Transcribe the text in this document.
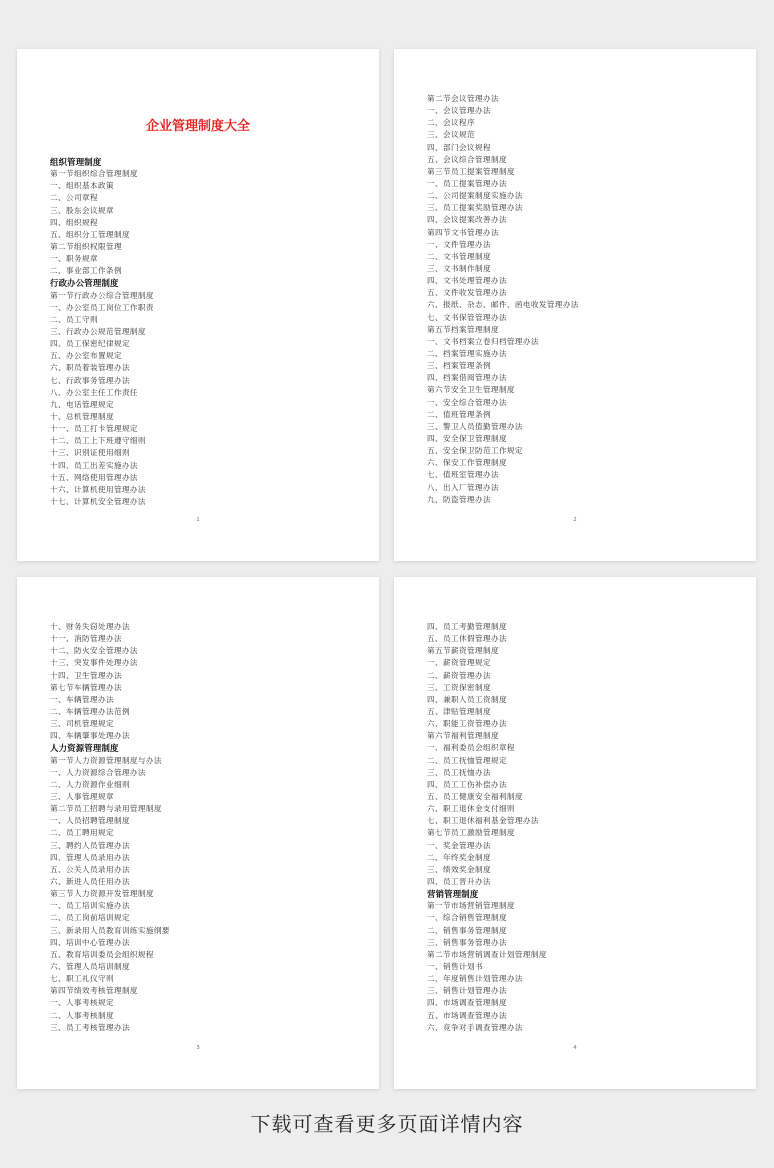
企业管理制度大全
组织管理制度
第一节组织综合管理制度
一、组织基本政策
二、公司章程
三、股东会议规章
四、组织规程
五、组织分工管理制度
第二节组织权限管理
一、职务规章
二、事业部工作条例
行政办公管理制度
第一节行政办公综合管理制度
一、办公室员工岗位工作职责
二、员工守则
三、行政办公规范管理制度
四、员工保密纪律规定
五、办公室布置规定
六、职员着装管理办法
七、行政事务管理办法
八、办公室主任工作责任
九、电话管理规定
十、总机管理制度
十一、员工打卡管理规定
十二、员工上下班遵守细则
十三、识别证使用细则
十四、员工出差实施办法
十五、网络使用管理办法
十六、计算机使用管理办法
十七、计算机安全管理办法
1
第二节会议管理办法
一、会议管理办法
二、会议程序
三、会议规范
四、部门会议规程
五、会议综合管理制度
第三节员工提案管理制度
一、员工提案管理办法
二、公司提案制度实施办法
三、员工提案奖励管理办法
四、会议提案改善办法
第四节文书管理办法
一、文件管理办法
二、文书管理制度
三、文书制作制度
四、文书处理管理办法
五、文件收发管理办法
六、报纸、杂志、邮件、函电收发管理办法
七、文书保管管理办法
第五节档案管理制度
一、文书档案立卷归档管理办法
二、档案管理实施办法
三、档案管理条例
四、档案借阅管理办法
第六节安全卫生管理制度
一、安全综合管理办法
二、值班管理条例
三、警卫人员值勤管理办法
四、安全保卫管理制度
五、安全保卫防范工作规定
六、保安工作管理制度
七、值班室管理办法
八、出入厂管理办法
九、防盗管理办法
2
十、财务失窃处理办法
十一、消防管理办法
十二、防火安全管理办法
十三、突发事件处理办法
十四、卫生管理办法
第七节车辆管理办法
一、车辆管理办法
二、车辆管理办法范例
三、司机管理规定
四、车辆肇事处理办法
人力资源管理制度
第一节人力资源管理制度与办法
一、人力资源综合管理办法
二、人力资源作业细则
三、人事管理规章
第二节员工招聘与录用管理制度
一、人员招聘管理制度
二、员工聘用规定
三、聘约人员管理办法
四、管理人员录用办法
五、公关人员录用办法
六、新进人员任用办法
第三节人力资源开发管理制度
一、员工培训实施办法
二、员工岗前培训规定
三、新录用人员教育训练实施纲要
四、培训中心管理办法
五、教育培训委员会组织规程
六、管理人员培训制度
七、职工礼仪守则
第四节绩效考核管理制度
一、人事考核规定
二、人事考核制度
三、员工考核管理办法
3
四、员工考勤管理制度
五、员工休假管理办法
第五节薪资管理制度
一、薪资管理规定
二、薪资管理办法
三、工资保密制度
四、兼职人员工资制度
五、津贴管理制度
六、职能工资管理办法
第六节福利管理制度
一、福利委员会组织章程
二、员工抚恤管理规定
三、员工抚恤办法
四、员工工伤补偿办法
五、员工健康安全福利制度
六、职工退休金支付细则
七、职工退休福利基金管理办法
第七节员工激励管理制度
一、奖金管理办法
二、年终奖金制度
三、绩效奖金制度
四、员工晋升办法
营销管理制度
第一节市场营销管理制度
一、综合销售管理制度
二、销售事务管理制度
三、销售事务管理办法
第二节市场营销调查计划管理制度
一、销售计划书
二、年度销售计划管理办法
三、销售计划管理办法
四、市场调查管理制度
五、市场调查管理办法
六、竞争对手调查管理办法
4
下载可查看更多页面详情内容
